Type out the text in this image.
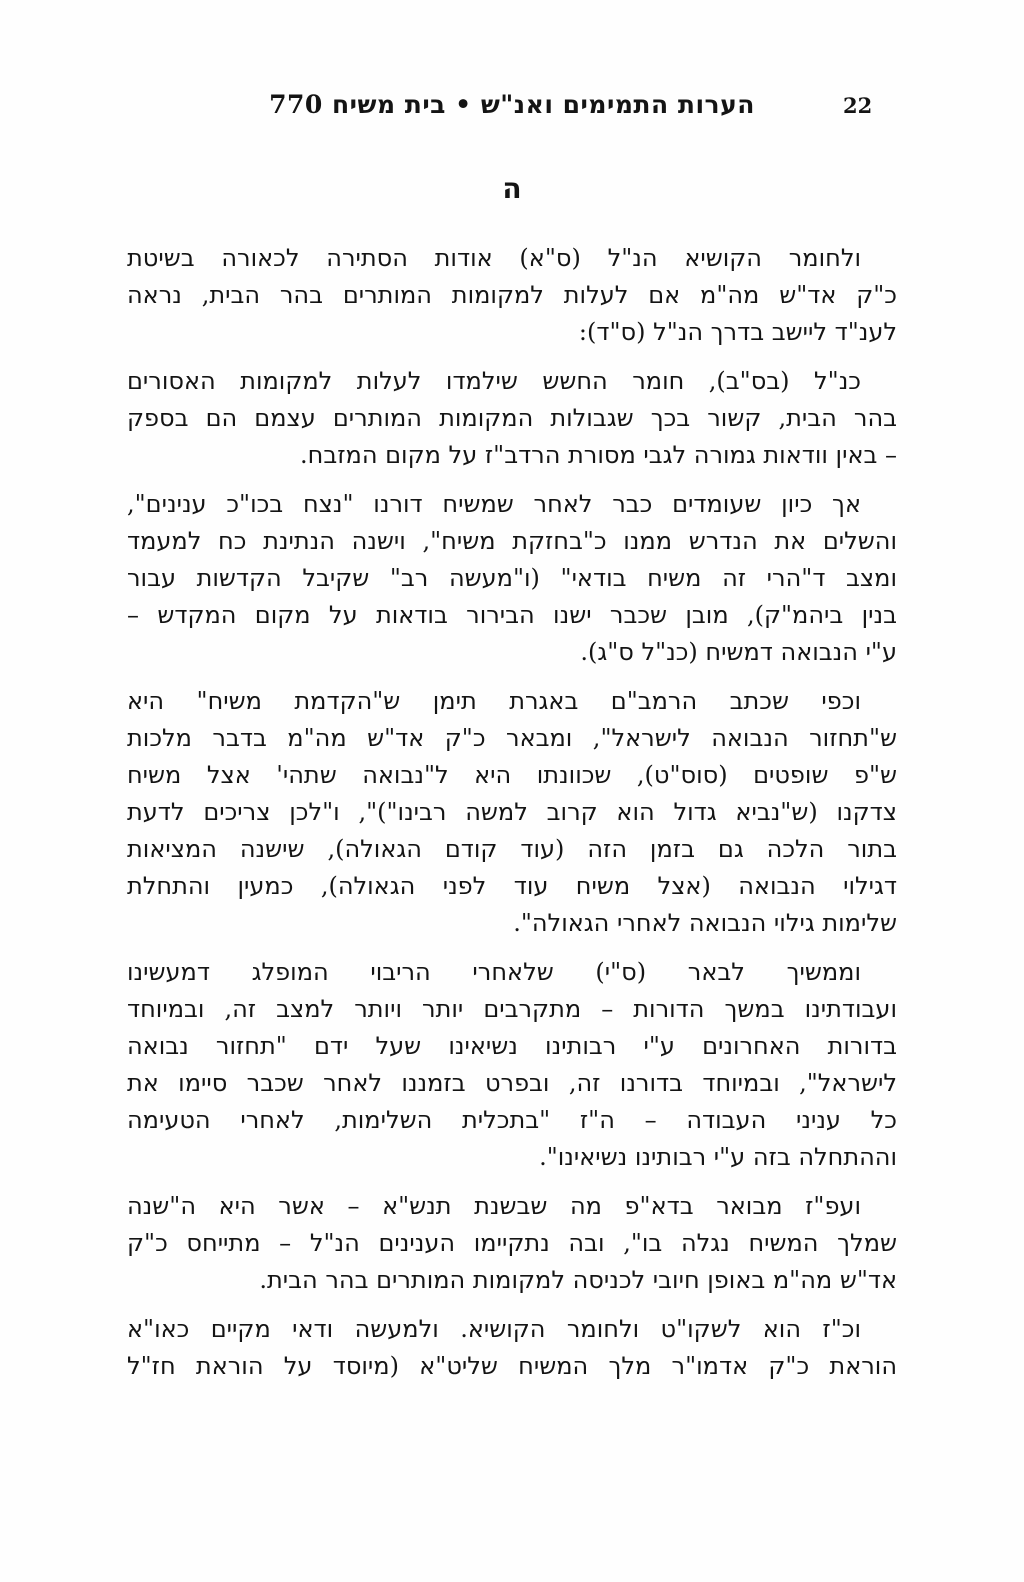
הערות התמימים ואנ"ש • בית משיח 770	22
ה
ולחומר הקושיא הנ"ל (ס"א) אודות הסתירה לכאורה בשיטת
כ"ק אד"ש מה"מ אם לעלות למקומות המותרים בהר הבית, נראה
לענ"ד ליישב בדרך הנ"ל (ס"ד):
כנ"ל (בס"ב), חומר החשש שילמדו לעלות למקומות האסורים
בהר הבית, קשור בכך שגבולות המקומות המותרים עצמם הם בספק
– באין וודאות גמורה לגבי מסורת הרדב"ז על מקום המזבח.
אך כיון שעומדים כבר לאחר שמשיח דורנו "נצח בכו"כ ענינים",
והשלים את הנדרש ממנו כ"בחזקת משיח", וישנה הנתינת כח למעמד
ומצב ד"הרי זה משיח בודאי" (ו"מעשה רב" שקיבל הקדשות עבור
בנין ביהמ"ק), מובן שכבר ישנו הבירור בודאות על מקום המקדש –
ע"י הנבואה דמשיח (כנ"ל ס"ג).
וכפי שכתב הרמב"ם באגרת תימן ש"הקדמת משיח" היא
ש"תחזור הנבואה לישראל", ומבאר כ"ק אד"ש מה"מ בדבר מלכות
ש"פ שופטים (סוס"ט), שכוונתו היא ל"נבואה שתהי' אצל משיח
צדקנו (ש"נביא גדול הוא קרוב למשה רבינו")", ו"לכן צריכים לדעת
בתור הלכה גם בזמן הזה (עוד קודם הגאולה), שישנה המציאות
דגילוי הנבואה (אצל משיח עוד לפני הגאולה), כמעין והתחלת
שלימות גילוי הנבואה לאחרי הגאולה".
וממשיך לבאר (ס"י) שלאחרי הריבוי המופלג דמעשינו
ועבודתינו במשך הדורות – מתקרבים יותר ויותר למצב זה, ובמיוחד
בדורות האחרונים ע"י רבותינו נשיאינו שעל ידם "תחזור נבואה
לישראל", ובמיוחד בדורנו זה, ובפרט בזמננו לאחר שכבר סיימו את
כל עניני העבודה – ה"ז "בתכלית השלימות, לאחרי הטעימה
וההתחלה בזה ע"י רבותינו נשיאינו".
ועפ"ז מבואר בדא"פ מה שבשנת תנש"א – אשר היא ה"שנה
שמלך המשיח נגלה בו", ובה נתקיימו הענינים הנ"ל – מתייחס כ"ק
אד"ש מה"מ באופן חיובי לכניסה למקומות המותרים בהר הבית.
וכ"ז הוא לשקו"ט ולחומר הקושיא. ולמעשה ודאי מקיים כאו"א
הוראת כ"ק אדמו"ר מלך המשיח שליט"א (מיוסד על הוראת חז"ל
